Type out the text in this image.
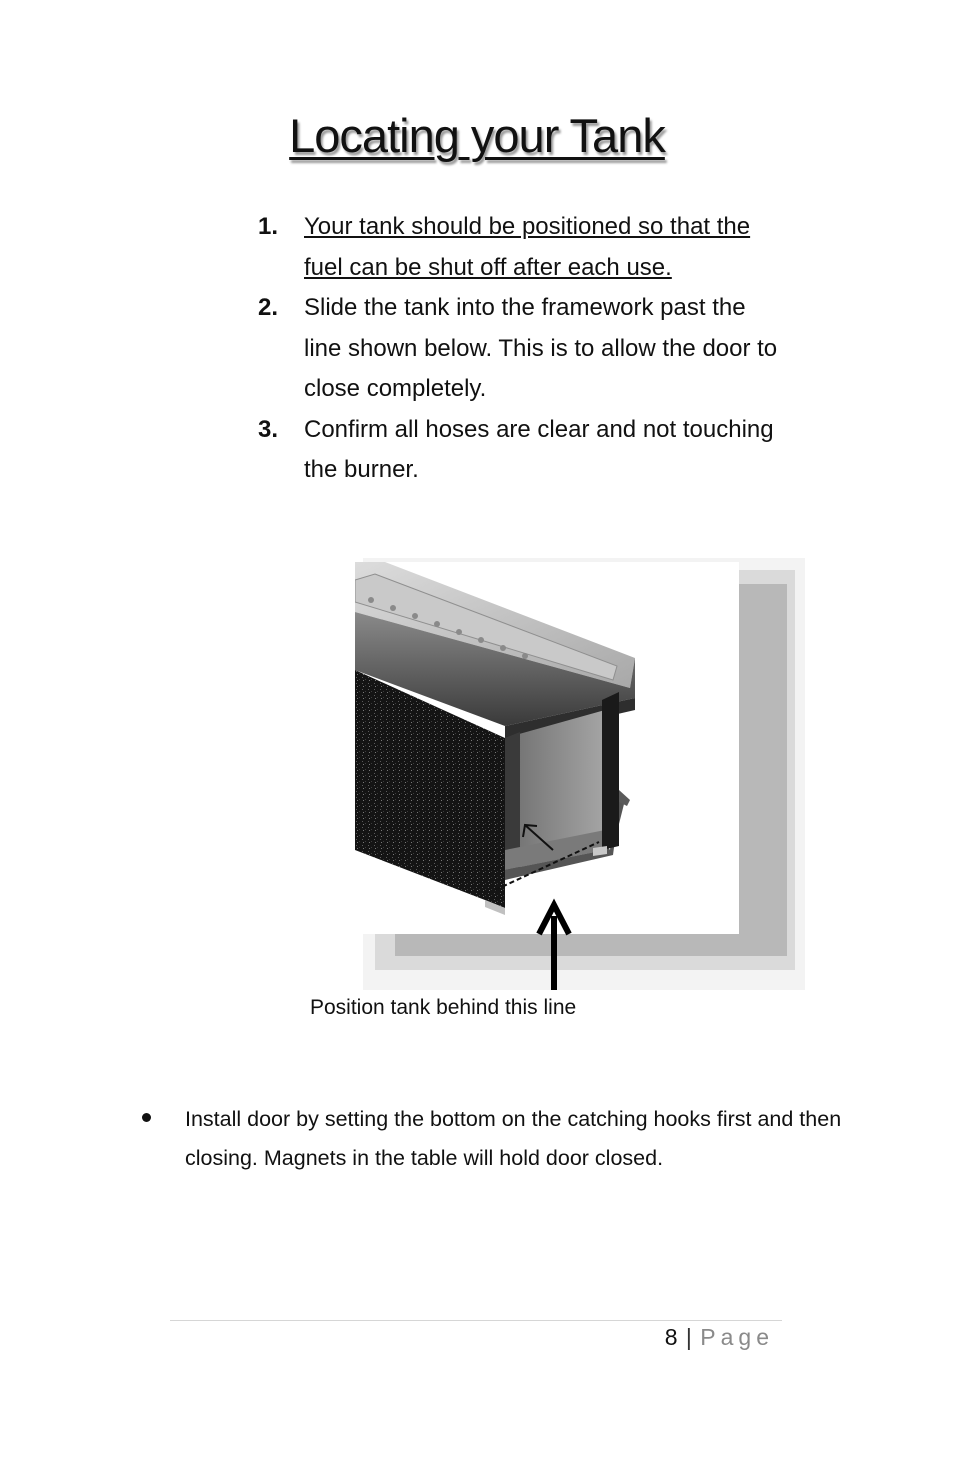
Locating your Tank
1. Your tank should be positioned so that the fuel can be shut off after each use.
2. Slide the tank into the framework past the line shown below. This is to allow the door to close completely.
3. Confirm all hoses are clear and not touching the burner.
Position tank behind this line
Install door by setting the bottom on the catching hooks first and then closing. Magnets in the table will hold door closed.
8 | Page
